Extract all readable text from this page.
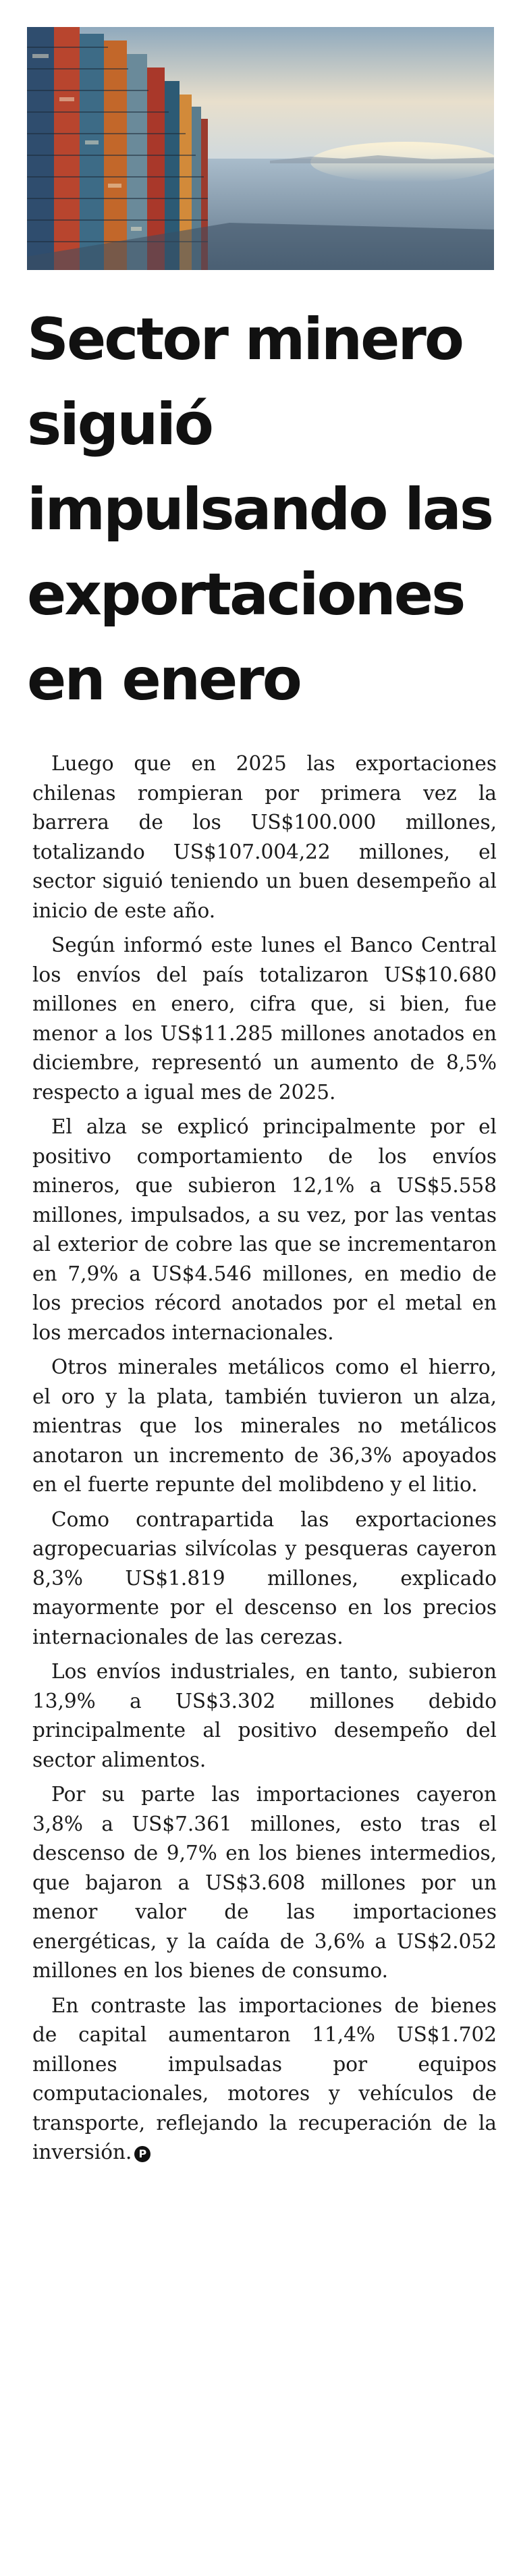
Sector minero siguió impulsando las exportaciones en enero

Luego que en 2025 las exportaciones chilenas rompieran por primera vez la barrera de los US$100.000 millones, totalizando US$107.004,22 millones, el sector siguió teniendo un buen desempeño al inicio de este año.

Según informó este lunes el Banco Central los envíos del país totalizaron US$10.680 millones en enero, cifra que, si bien, fue menor a los US$11.285 millones anotados en diciembre, representó un aumento de 8,5% respecto a igual mes de 2025.

El alza se explicó principalmente por el positivo comportamiento de los envíos mineros, que subieron 12,1% a US$5.558 millones, impulsados, a su vez, por las ventas al exterior de cobre las que se incrementaron en 7,9% a US$4.546 millones, en medio de los precios récord anotados por el metal en los mercados internacionales.

Otros minerales metálicos como el hierro, el oro y la plata, también tuvieron un alza, mientras que los minerales no metálicos anotaron un incremento de 36,3% apoyados en el fuerte repunte del molibdeno y el litio.

Como contrapartida las exportaciones agropecuarias silvícolas y pesqueras cayeron 8,3% US$1.819 millones, explicado mayormente por el descenso en los precios internacionales de las cerezas.

Los envíos industriales, en tanto, subieron 13,9% a US$3.302 millones debido principalmente al positivo desempeño del sector alimentos.

Por su parte las importaciones cayeron 3,8% a US$7.361 millones, esto tras el descenso de 9,7% en los bienes intermedios, que bajaron a US$3.608 millones por un menor valor de las importaciones energéticas, y la caída de 3,6% a US$2.052 millones en los bienes de consumo.

En contraste las importaciones de bienes de capital aumentaron 11,4% US$1.702 millones impulsadas por equipos computacionales, motores y vehículos de transporte, reflejando la recuperación de la inversión. P
